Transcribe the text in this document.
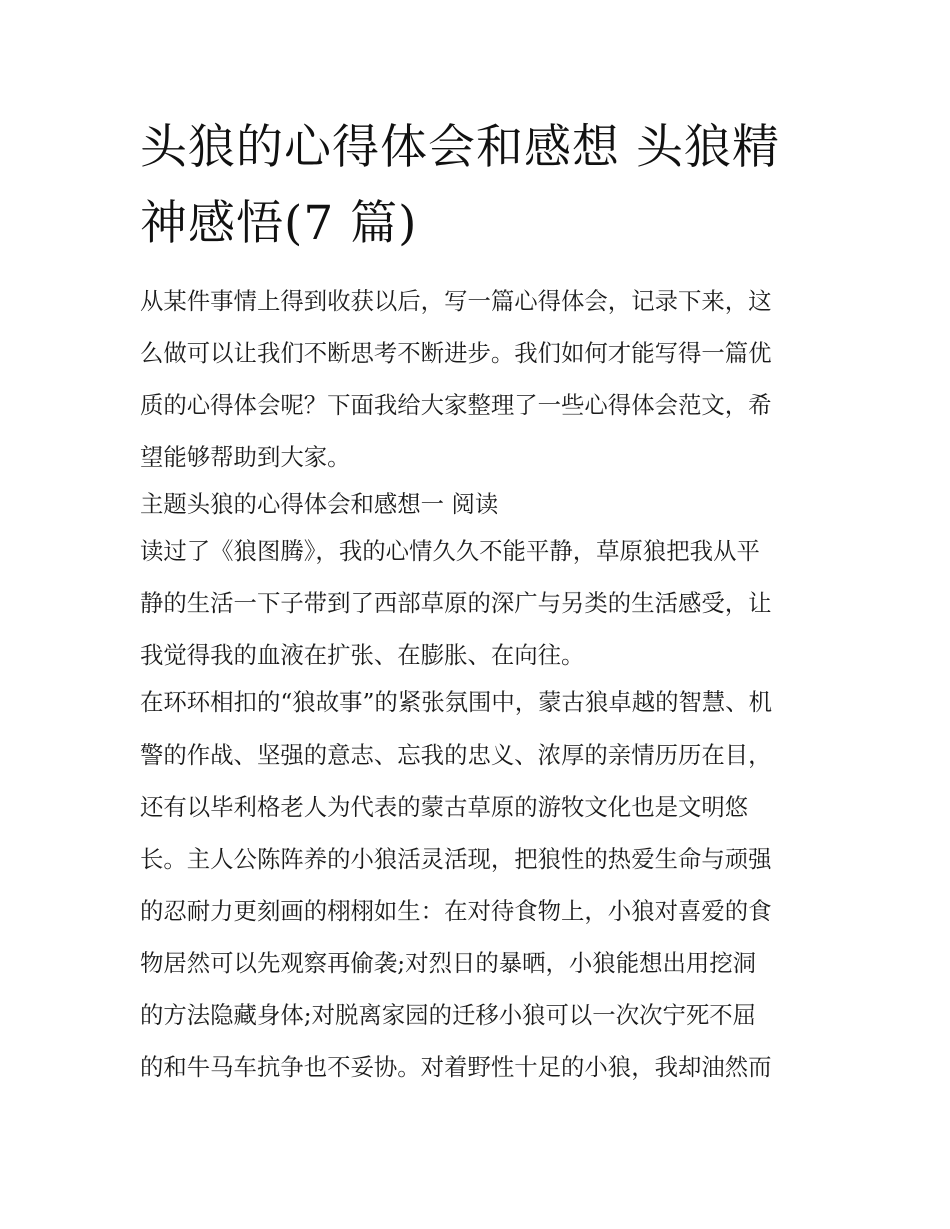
头狼的心得体会和感想 头狼精
神感悟(7 篇)
从某件事情上得到收获以后，写一篇心得体会，记录下来，这
么做可以让我们不断思考不断进步。我们如何才能写得一篇优
质的心得体会呢？下面我给大家整理了一些心得体会范文，希
望能够帮助到大家。
主题头狼的心得体会和感想一 阅读
读过了《狼图腾》，我的心情久久不能平静，草原狼把我从平
静的生活一下子带到了西部草原的深广与另类的生活感受，让
我觉得我的血液在扩张、在膨胀、在向往。
在环环相扣的“狼故事”的紧张氛围中，蒙古狼卓越的智慧、机
警的作战、坚强的意志、忘我的忠义、浓厚的亲情历历在目，
还有以毕利格老人为代表的蒙古草原的游牧文化也是文明悠
长。主人公陈阵养的小狼活灵活现，把狼性的热爱生命与顽强
的忍耐力更刻画的栩栩如生：在对待食物上，小狼对喜爱的食
物居然可以先观察再偷袭;对烈日的暴晒，小狼能想出用挖洞
的方法隐藏身体;对脱离家园的迁移小狼可以一次次宁死不屈
的和牛马车抗争也不妥协。对着野性十足的小狼，我却油然而
